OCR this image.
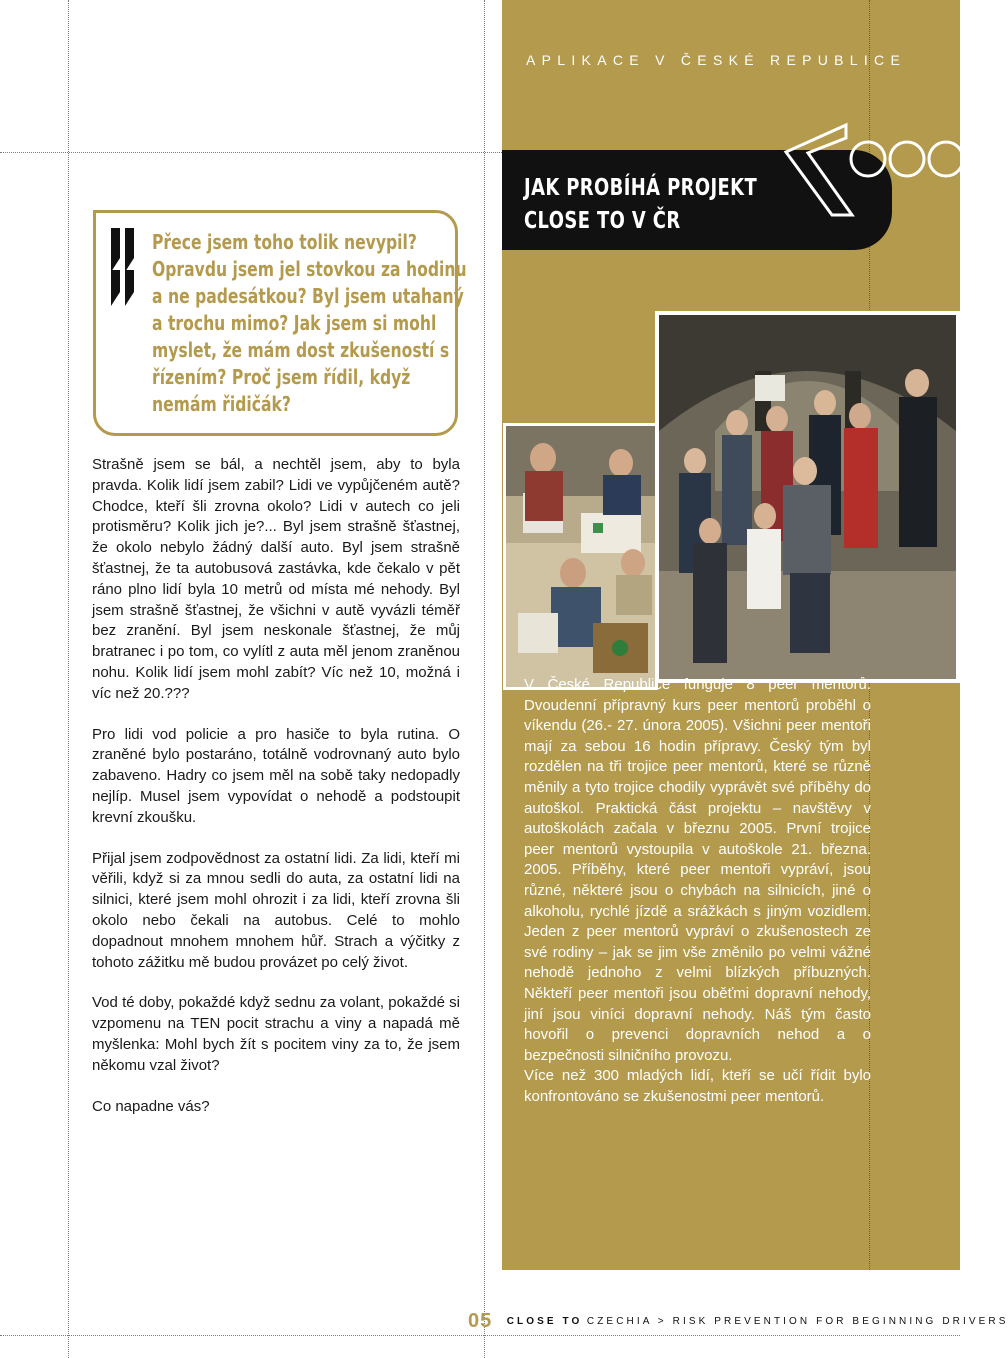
APLIKACE V ČESKÉ REPUBLICE
JAK PROBÍHÁ PROJEKT
CLOSE TO V ČR
Přece jsem toho tolik nevypil?
Opravdu jsem jel stovkou za hodinu
a ne padesátkou? Byl jsem utahaný
a trochu mimo? Jak jsem si mohl
myslet, že mám dost zkušeností s
řízením? Proč jsem řídil, když
nemám řidičák?

Strašně jsem se bál, a nechtěl jsem, aby to byla pravda. Kolik lidí jsem zabil? Lidi ve vypůjčeném autě? Chodce, kteří šli zrovna okolo? Lidi v autech co jeli protisměru? Kolik jich je?... Byl jsem strašně šťastnej, že okolo nebylo žádný další auto. Byl jsem strašně šťastnej, že ta autobusová zastávka, kde čekalo v pět ráno plno lidí byla 10 metrů od místa mé nehody. Byl jsem strašně šťastnej, že všichni v autě vyvázli téměř bez zranění. Byl jsem neskonale šťastnej, že můj bratranec i po tom, co vylítl z auta měl jenom zraněnou nohu. Kolik lidí jsem mohl zabít? Víc než 10, možná i víc než 20.???

Pro lidi vod policie a pro hasiče to byla rutina. O zraněné bylo postaráno, totálně vodrovnaný auto bylo zabaveno. Hadry co jsem měl na sobě taky nedopadly nejlíp. Musel jsem vypovídat o nehodě a podstoupit krevní zkoušku.

Přijal jsem zodpovědnost za ostatní lidi. Za lidi, kteří mi věřili, když si za mnou sedli do auta, za ostatní lidi na silnici, které jsem mohl ohrozit i za lidi, kteří zrovna šli okolo nebo čekali na autobus. Celé to mohlo dopadnout mnohem mnohem hůř. Strach a výčitky z tohoto zážitku mě budou provázet po celý život.

Vod té doby, pokaždé když sednu za volant, pokaždé si vzpomenu na TEN pocit strachu a viny a napadá mě myšlenka: Mohl bych žít s pocitem viny za to, že jsem někomu vzal život?

Co napadne vás?

V České Republice funguje 8 peer mentorů. Dvoudenní přípravný kurs peer mentorů proběhl o víkendu (26.- 27. února 2005). Všichni peer mentoři mají za sebou 16 hodin přípravy. Český tým byl rozdělen na tři trojice peer mentorů, které se různě měnily a tyto trojice chodily vyprávět své příběhy do autoškol. Praktická část projektu – navštěvy v autoškolách začala v březnu 2005. První trojice peer mentorů vystoupila v autoškole 21. března. 2005. Příběhy, které peer mentoři vypráví, jsou různé, některé jsou o chybách na silnicích, jiné o alkoholu, rychlé jízdě a srážkách s jiným vozidlem. Jeden z peer mentorů vypráví o zkušenostech ze své rodiny – jak se jim vše změnilo po velmi vážné nehodě jednoho z velmi blízkých příbuzných. Někteří peer mentoři jsou oběťmi dopravní nehody, jiní jsou viníci dopravní nehody. Náš tým často hovořil o prevenci dopravních nehod a o bezpečnosti silničního provozu.

Více než 300 mladých lidí, kteří se učí řídit bylo konfrontováno se zkušenostmi peer mentorů.

05 CLOSE TO CZECHIA > RISK PREVENTION FOR BEGINNING DRIVERS
